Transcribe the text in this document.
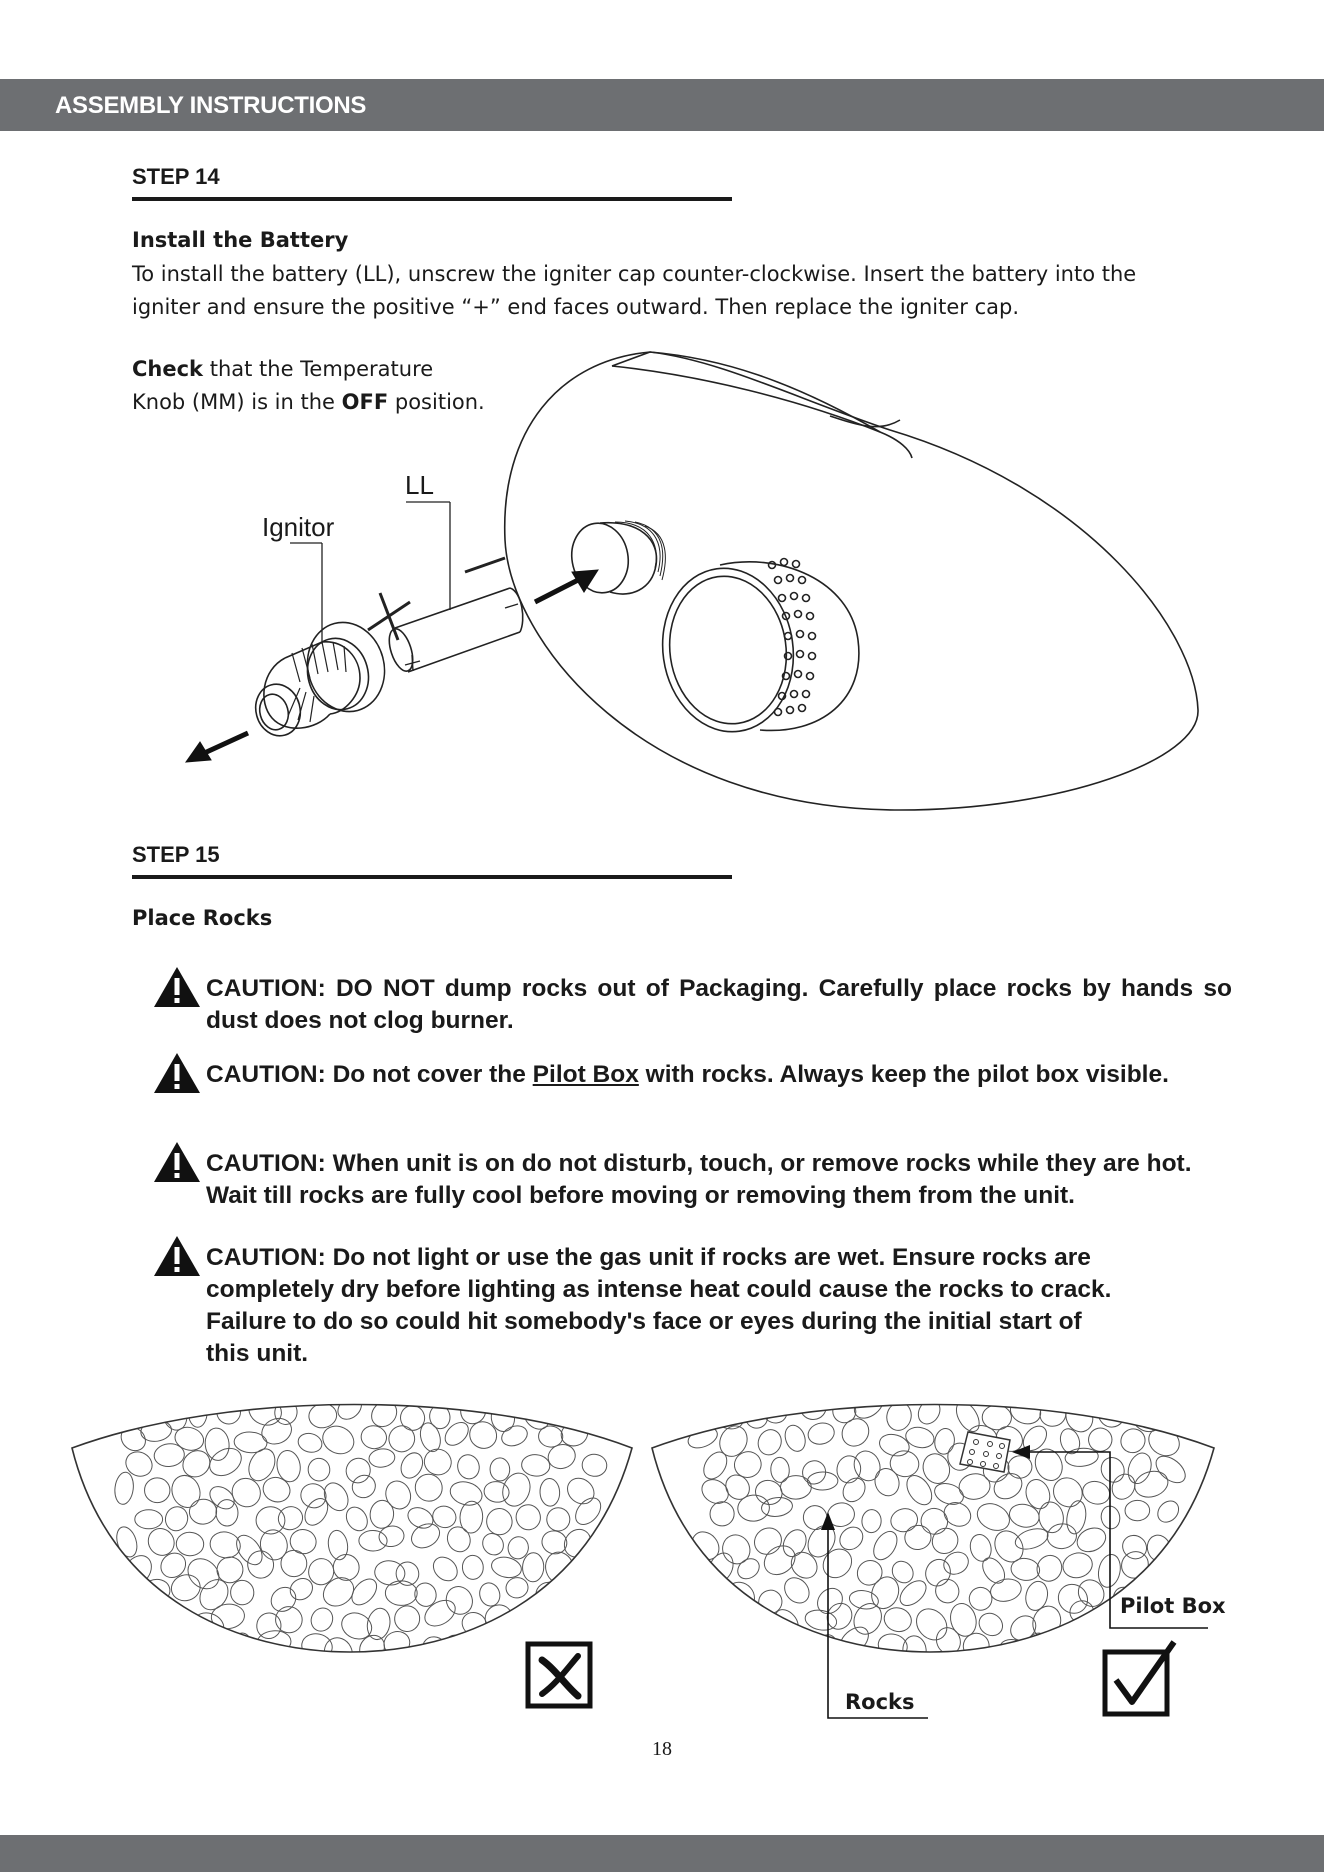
ASSEMBLY INSTRUCTIONS
STEP 14
Install the Battery
To install the battery (LL), unscrew the igniter cap counter-clockwise. Insert the battery into the
igniter and ensure the positive “+” end faces outward. Then replace the igniter cap.
Check that the Temperature
Knob (MM) is in the OFF position.
LL
Ignitor
STEP 15
Place Rocks
CAUTION: DO NOT dump rocks out of Packaging. Carefully place rocks by hands so dust does not clog burner.
CAUTION: Do not cover the Pilot Box with rocks. Always keep the pilot box visible.
CAUTION: When unit is on do not disturb, touch, or remove rocks while they are hot. Wait till rocks are fully cool before moving or removing them from the unit.
CAUTION: Do not light or use the gas unit if rocks are wet. Ensure rocks are completely dry before lighting as intense heat could cause the rocks to crack. Failure to do so could hit somebody's face or eyes during the initial start of this unit.
Pilot Box
Rocks
18
